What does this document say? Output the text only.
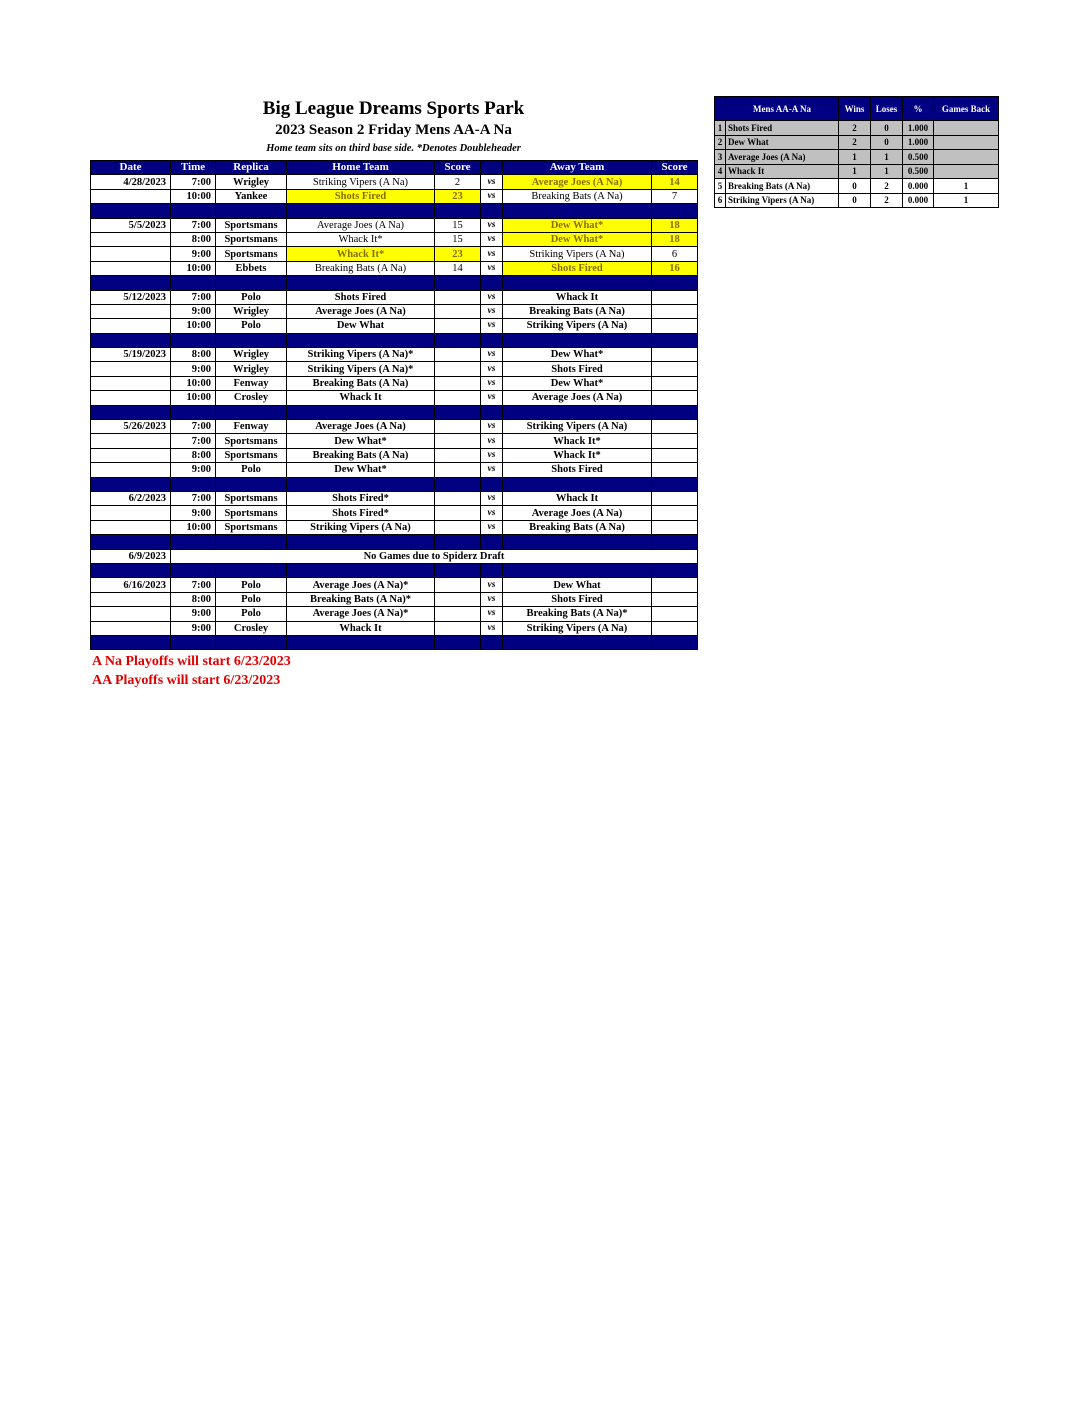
Big League Dreams Sports Park
2023 Season 2 Friday Mens AA-A Na
Home team sits on third base side. *Denotes Doubleheader
Date	Time	Replica	Home Team	Score		Away Team	Score
4/28/2023	7:00	Wrigley	Striking Vipers (A Na)	2	vs	Average Joes (A Na)	14
	10:00	Yankee	Shots Fired	23	vs	Breaking Bats (A Na)	7

5/5/2023	7:00	Sportsmans	Average Joes (A Na)	15	vs	Dew What*	18
	8:00	Sportsmans	Whack It*	15	vs	Dew What*	18
	9:00	Sportsmans	Whack It*	23	vs	Striking Vipers (A Na)	6
	10:00	Ebbets	Breaking Bats (A Na)	14	vs	Shots Fired	16

5/12/2023	7:00	Polo	Shots Fired		vs	Whack It	
	9:00	Wrigley	Average Joes (A Na)		vs	Breaking Bats (A Na)	
	10:00	Polo	Dew What		vs	Striking Vipers (A Na)	

5/19/2023	8:00	Wrigley	Striking Vipers (A Na)*		vs	Dew What*	
	9:00	Wrigley	Striking Vipers (A Na)*		vs	Shots Fired	
	10:00	Fenway	Breaking Bats (A Na)		vs	Dew What*	
	10:00	Crosley	Whack It		vs	Average Joes (A Na)	

5/26/2023	7:00	Fenway	Average Joes (A Na)		vs	Striking Vipers (A Na)	
	7:00	Sportsmans	Dew What*		vs	Whack It*	
	8:00	Sportsmans	Breaking Bats (A Na)		vs	Whack It*	
	9:00	Polo	Dew What*		vs	Shots Fired	

6/2/2023	7:00	Sportsmans	Shots Fired*		vs	Whack It	
	9:00	Sportsmans	Shots Fired*		vs	Average Joes (A Na)	
	10:00	Sportsmans	Striking Vipers (A Na)		vs	Breaking Bats (A Na)	

6/9/2023	No Games due to Spiderz Draft						

6/16/2023	7:00	Polo	Average Joes (A Na)*		vs	Dew What	
	8:00	Polo	Breaking Bats (A Na)*		vs	Shots Fired	
	9:00	Polo	Average Joes (A Na)*		vs	Breaking Bats (A Na)*	
	9:00	Crosley	Whack It		vs	Striking Vipers (A Na)	

A Na Playoffs will start 6/23/2023
AA Playoffs will start 6/23/2023
	Mens AA-A Na	Wins	Loses	%	Games Back
1	Shots Fired	2	0	1.000	
2	Dew What	2	0	1.000	
3	Average Joes (A Na)	1	1	0.500	
4	Whack It	1	1	0.500	
5	Breaking Bats (A Na)	0	2	0.000	1
6	Striking Vipers (A Na)	0	2	0.000	1
